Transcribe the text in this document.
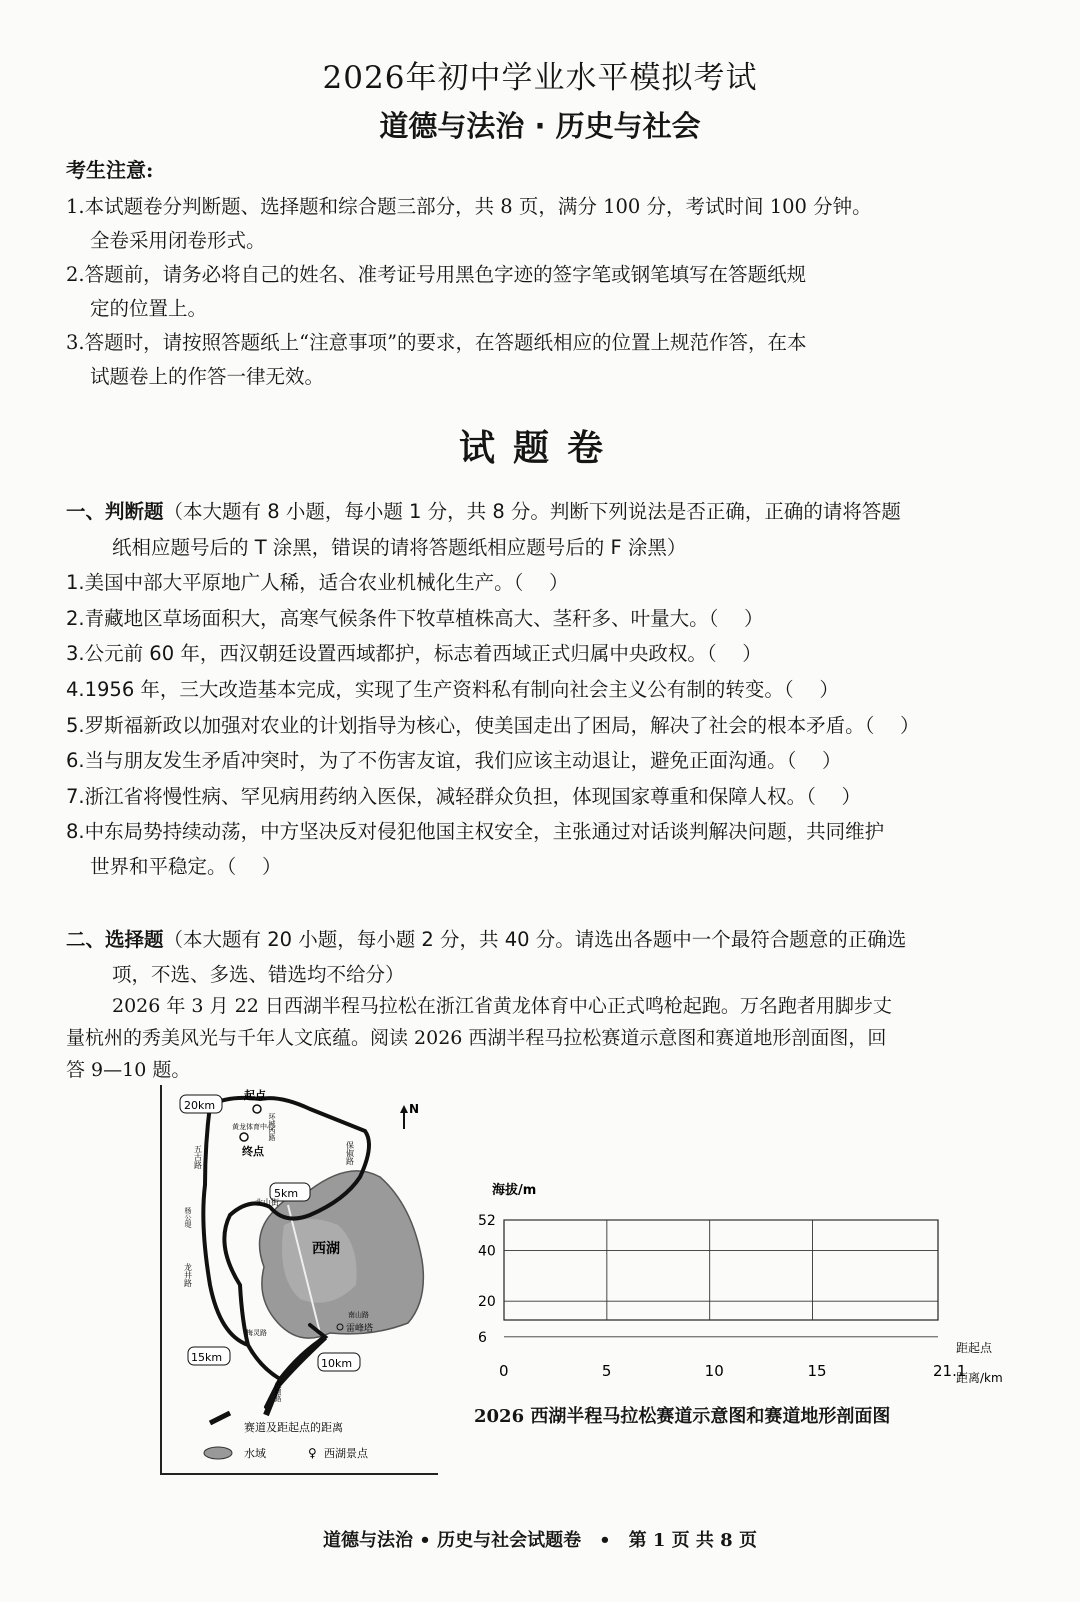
2026年初中学业水平模拟考试
道德与法治 · 历史与社会
考生注意:
1.本试题卷分判断题、选择题和综合题三部分，共 8 页，满分 100 分，考试时间 100 分钟。
全卷采用闭卷形式。
2.答题前，请务必将自己的姓名、准考证号用黑色字迹的签字笔或钢笔填写在答题纸规
定的位置上。
3.答题时，请按照答题纸上“注意事项”的要求，在答题纸相应的位置上规范作答，在本
试题卷上的作答一律无效。
试题卷
一、判断题（本大题有 8 小题，每小题 1 分，共 8 分。判断下列说法是否正确，正确的请将答题
纸相应题号后的 T 涂黑，错误的请将答题纸相应题号后的 F 涂黑）
1.美国中部大平原地广人稀，适合农业机械化生产。（　 ）
2.青藏地区草场面积大，高寒气候条件下牧草植株高大、茎秆多、叶量大。（　 ）
3.公元前 60 年，西汉朝廷设置西域都护，标志着西域正式归属中央政权。（　 ）
4.1956 年，三大改造基本完成，实现了生产资料私有制向社会主义公有制的转变。（　 ）
5.罗斯福新政以加强对农业的计划指导为核心，使美国走出了困局，解决了社会的根本矛盾。（　 ）
6.当与朋友发生矛盾冲突时，为了不伤害友谊，我们应该主动退让，避免正面沟通。（　 ）
7.浙江省将慢性病、罕见病用药纳入医保，减轻群众负担，体现国家尊重和保障人权。（　 ）
8.中东局势持续动荡，中方坚决反对侵犯他国主权安全，主张通过对话谈判解决问题，共同维护
世界和平稳定。（　 ）
二、选择题（本大题有 20 小题，每小题 2 分，共 40 分。请选出各题中一个最符合题意的正确选
项，不选、多选、错选均不给分）
2026 年 3 月 22 日西湖半程马拉松在浙江省黄龙体育中心正式鸣枪起跑。万名跑者用脚步丈
量杭州的秀美风光与千年人文底蕴。阅读 2026 西湖半程马拉松赛道示意图和赛道地形剖面图，回
答 9—10 题。
起点
终点
黄龙体育中心
N
20km
5km
15km	10km
西湖
五古路	保俶路
北山街
龙井路
南山路
环城西路
梅灵路
杨公堤
虎跑路
雷峰塔
赛道及距起点的距离
水域	♀ 西湖景点
海拔/m
52
40
20
6
0	5	10	15	21.1
距起点
距离/km
2026 西湖半程马拉松赛道示意图和赛道地形剖面图
道德与法治 • 历史与社会试题卷　•　第 1 页 共 8 页
